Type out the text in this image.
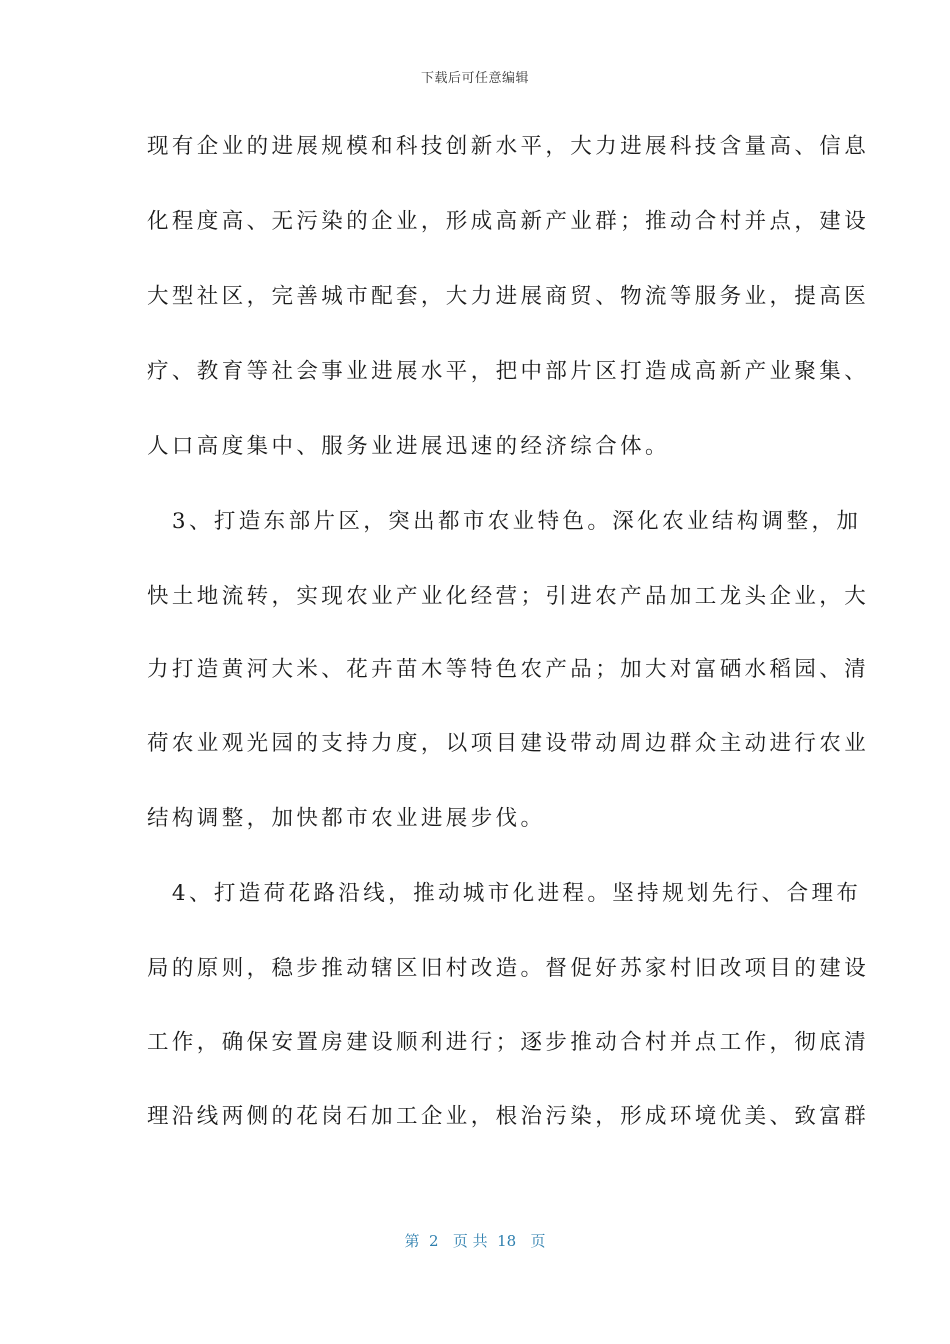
下载后可任意编辑
现有企业的进展规模和科技创新水平，大力进展科技含量高、信息
化程度高、无污染的企业，形成高新产业群；推动合村并点，建设
大型社区，完善城市配套，大力进展商贸、物流等服务业，提高医
疗、教育等社会事业进展水平，把中部片区打造成高新产业聚集、
人口高度集中、服务业进展迅速的经济综合体。
　3、打造东部片区，突出都市农业特色。深化农业结构调整，加
快土地流转，实现农业产业化经营；引进农产品加工龙头企业，大
力打造黄河大米、花卉苗木等特色农产品；加大对富硒水稻园、清
荷农业观光园的支持力度，以项目建设带动周边群众主动进行农业
结构调整，加快都市农业进展步伐。
　4、打造荷花路沿线，推动城市化进程。坚持规划先行、合理布
局的原则，稳步推动辖区旧村改造。督促好苏家村旧改项目的建设
工作，确保安置房建设顺利进行；逐步推动合村并点工作，彻底清
理沿线两侧的花岗石加工企业，根治污染，形成环境优美、致富群
第  2   页 共  18   页
